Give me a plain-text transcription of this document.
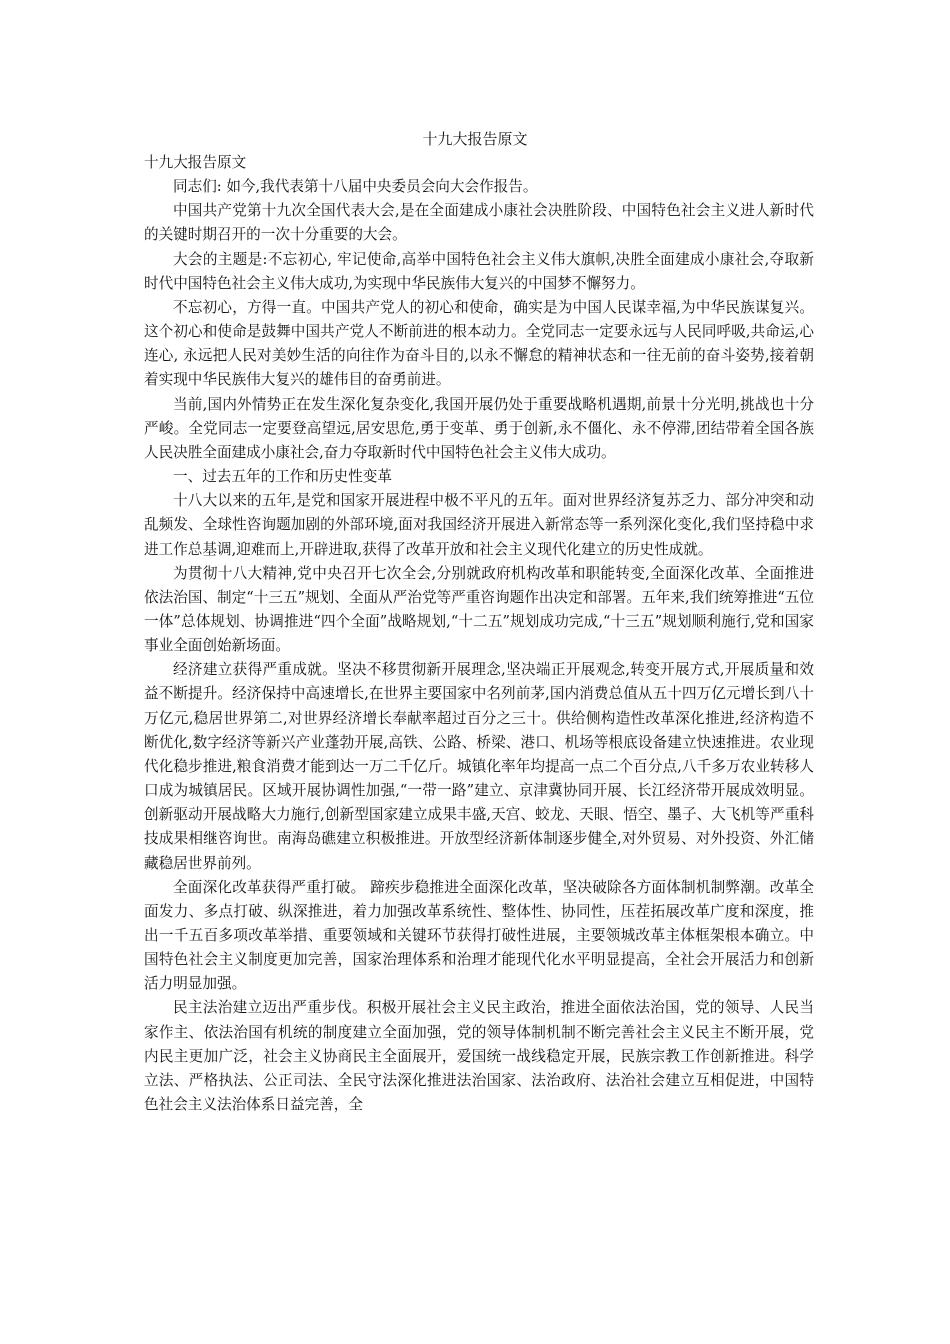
十九大报告原文

十九大报告原文

同志们: 如今,我代表第十八届中央委员会向大会作报告。

中国共产党第十九次全国代表大会,是在全面建成小康社会决胜阶段、中国特色社会主义进人新时代的关键时期召开的一次十分重要的大会。

大会的主题是:不忘初心, 牢记使命,高举中国特色社会主义伟大旗帜,决胜全面建成小康社会,夺取新时代中国特色社会主义伟大成功,为实现中华民族伟大复兴的中国梦不懈努力。

不忘初心，方得一直。中国共产党人的初心和使命，确实是为中国人民谋幸福,为中华民族谋复兴。这个初心和使命是鼓舞中国共产党人不断前进的根本动力。全党同志一定要永远与人民同呼吸,共命运,心连心, 永远把人民对美妙生活的向往作为奋斗目的,以永不懈怠的精神状态和一往无前的奋斗姿势,接着朝着实现中华民族伟大复兴的雄伟目的奋勇前进。

当前,国内外情势正在发生深化复杂变化,我国开展仍处于重要战略机遇期,前景十分光明,挑战也十分严峻。全党同志一定要登高望远,居安思危,勇于变革、勇于创新,永不僵化、永不停滞,团结带着全国各族人民决胜全面建成小康社会,奋力夺取新时代中国特色社会主义伟大成功。

一、过去五年的工作和历史性变革

十八大以来的五年,是党和国家开展进程中极不平凡的五年。面对世界经济复苏乏力、部分冲突和动乱频发、全球性咨询题加剧的外部环境,面对我国经济开展进入新常态等一系列深化变化,我们坚持稳中求进工作总基调,迎难而上,开辟进取,获得了改革开放和社会主义现代化建立的历史性成就。

为贯彻十八大精神,党中央召开七次全会,分别就政府机构改革和职能转变,全面深化改革、全面推进依法治国、制定“十三五”规划、全面从严治党等严重咨询题作出决定和部署。五年来,我们统筹推进“五位一体”总体规划、协调推进“四个全面”战略规划,“十二五”规划成功完成,“十三五”规划顺利施行,党和国家事业全面创始新场面。

经济建立获得严重成就。坚决不移贯彻新开展理念,坚决端正开展观念,转变开展方式,开展质量和效益不断提升。经济保持中高速增长,在世界主要国家中名列前茅,国内消费总值从五十四万亿元增长到八十万亿元,稳居世界第二,对世界经济增长奉献率超过百分之三十。供给侧构造性改革深化推进,经济构造不断优化,数字经济等新兴产业蓬勃开展,高铁、公路、桥梁、港口、机场等根底设备建立快速推进。农业现代化稳步推进,粮食消费才能到达一万二千亿斤。城镇化率年均提高一点二个百分点,八千多万农业转移人口成为城镇居民。区域开展协调性加强,“一带一路”建立、京津冀协同开展、长江经济带开展成效明显。创新驱动开展战略大力施行,创新型国家建立成果丰盛,天宫、蛟龙、天眼、悟空、墨子、大飞机等严重科技成果相继咨询世。南海岛礁建立积极推进。开放型经济新体制逐步健全,对外贸易、对外投资、外汇储藏稳居世界前列。

全面深化改革获得严重打破。 蹄疾步稳推进全面深化改革，坚决破除各方面体制机制弊潮。改革全面发力、多点打破、纵深推进，着力加强改革系统性、整体性、协同性，压茬拓展改革广度和深度，推出一千五百多项改革举措、重要领域和关键环节获得打破性进展，主要领城改革主体框架根本确立。中国特色社会主义制度更加完善，国家治理体系和治理才能现代化水平明显提高，全社会开展活力和创新活力明显加强。

民主法治建立迈出严重步伐。积极开展社会主义民主政治，推进全面依法治国，党的领导、人民当家作主、依法治国有机统的制度建立全面加强，党的领导体制机制不断完善社会主义民主不断开展，党内民主更加广泛，社会主义协商民主全面展开，爱国统一战线稳定开展，民族宗教工作创新推进。科学立法、严格执法、公正司法、全民守法深化推进法治国家、法治政府、法治社会建立互相促进，中国特色社会主义法治体系日益完善，全
